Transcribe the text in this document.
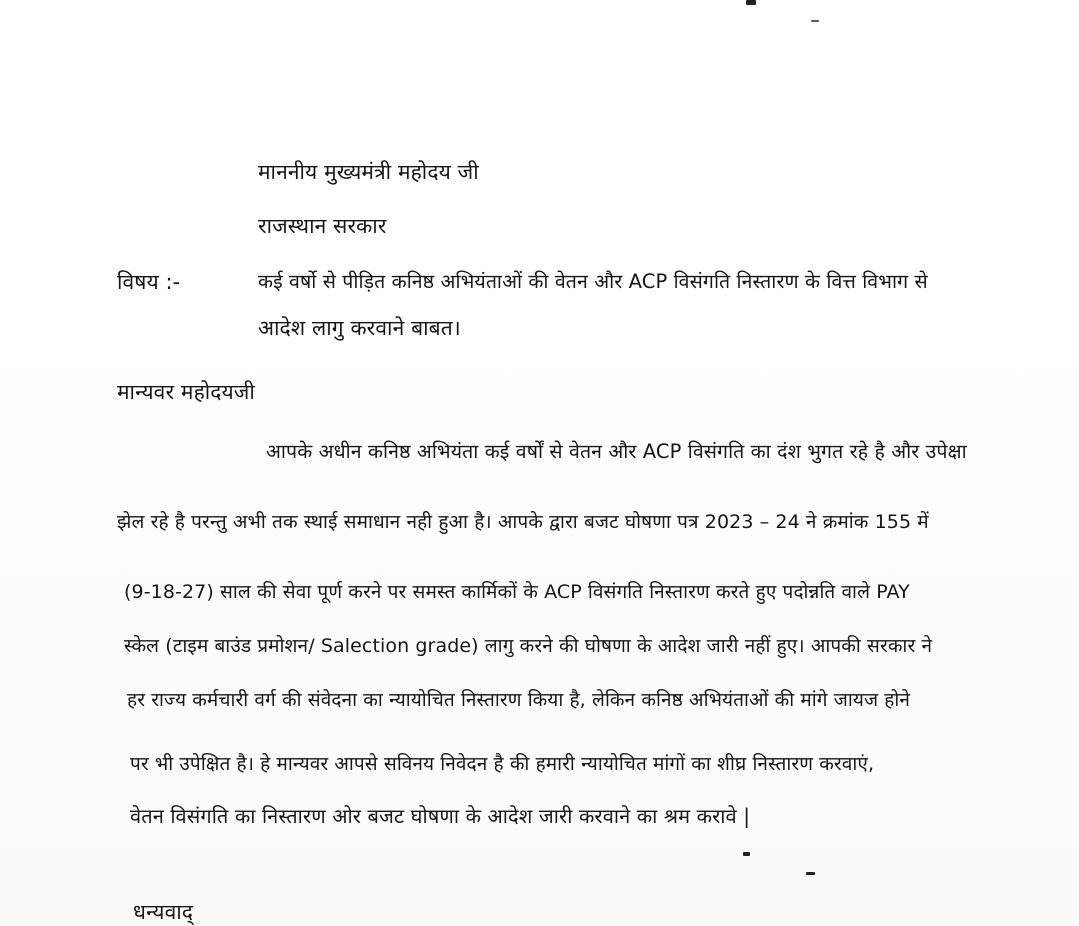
माननीय मुख्यमंत्री महोदय जी
राजस्थान सरकार
विषय :-	कई वर्षो से पीड़ित कनिष्ठ अभियंताओं की वेतन और ACP विसंगति निस्तारण के वित्त विभाग से
आदेश लागु करवाने बाबत।
मान्यवर महोदयजी
आपके अधीन कनिष्ठ अभियंता कई वर्षों से वेतन और ACP विसंगति का दंश भुगत रहे है और उपेक्षा
झेल रहे है परन्तु अभी तक स्थाई समाधान नही हुआ है। आपके द्वारा बजट घोषणा पत्र 2023 – 24 ने क्रमांक 155 में
(9-18-27) साल की सेवा पूर्ण करने पर समस्त कार्मिकों के ACP विसंगति निस्तारण करते हुए पदोन्नति वाले PAY
स्केल (टाइम बाउंड प्रमोशन/ Salection grade) लागु करने की घोषणा के आदेश जारी नहीं हुए। आपकी सरकार ने
हर राज्य कर्मचारी वर्ग की संवेदना का न्यायोचित निस्तारण किया है, लेकिन कनिष्ठ अभियंताओं की मांगे जायज होने
पर भी उपेक्षित है। हे मान्यवर आपसे सविनय निवेदन है की हमारी न्यायोचित मांगों का शीघ्र निस्तारण करवाएं,
वेतन विसंगति का निस्तारण ओर बजट घोषणा के आदेश जारी करवाने का श्रम करावे |
धन्यवाद्
